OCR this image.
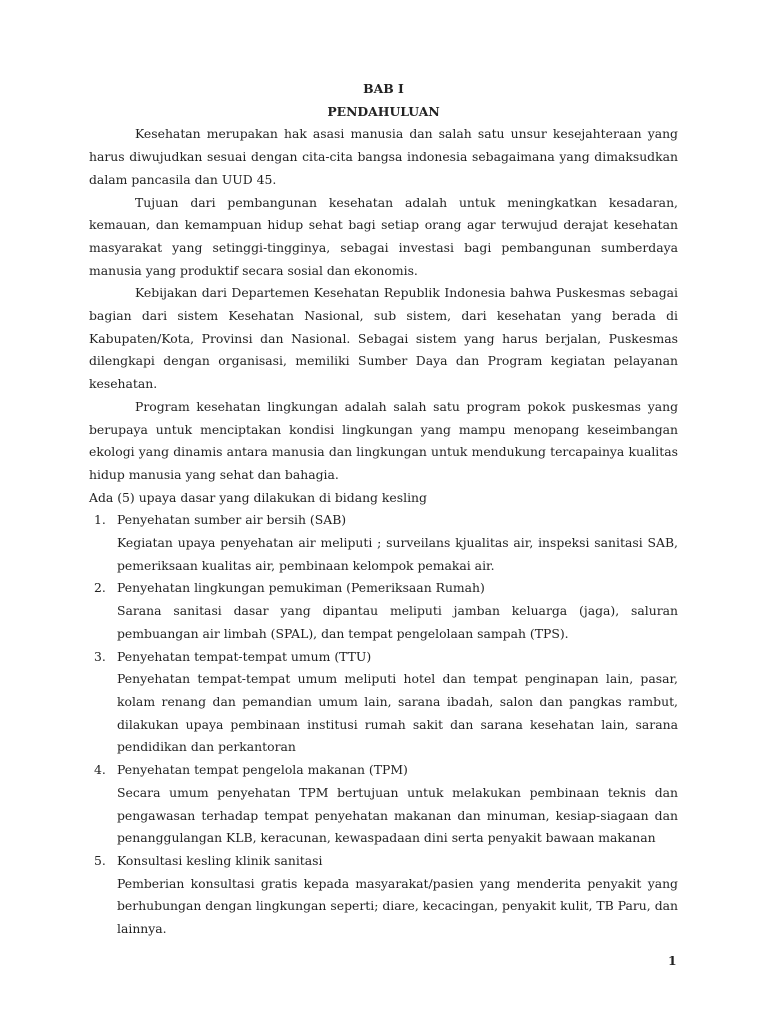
BAB I

PENDAHULUAN

Kesehatan merupakan hak asasi manusia dan salah satu unsur kesejahteraan yang harus diwujudkan sesuai dengan cita-cita bangsa indonesia sebagaimana yang dimaksudkan dalam pancasila dan UUD 45.

Tujuan dari pembangunan kesehatan adalah untuk meningkatkan kesadaran, kemauan, dan kemampuan hidup sehat bagi setiap orang agar terwujud derajat kesehatan masyarakat yang setinggi-tingginya, sebagai investasi bagi pembangunan sumberdaya manusia yang produktif secara sosial dan ekonomis.

Kebijakan dari Departemen Kesehatan Republik Indonesia bahwa Puskesmas sebagai bagian dari sistem Kesehatan Nasional, sub sistem, dari kesehatan yang berada di Kabupaten/Kota, Provinsi dan Nasional. Sebagai sistem yang harus berjalan, Puskesmas dilengkapi dengan organisasi, memiliki Sumber Daya dan Program kegiatan pelayanan kesehatan.

Program kesehatan lingkungan adalah salah satu program pokok puskesmas yang berupaya untuk menciptakan kondisi lingkungan yang mampu menopang keseimbangan ekologi yang dinamis antara manusia dan lingkungan untuk mendukung tercapainya kualitas hidup manusia yang sehat dan bahagia.

Ada (5) upaya dasar yang dilakukan di bidang kesling

1. Penyehatan sumber air bersih (SAB)

Kegiatan upaya penyehatan air meliputi ; surveilans kjualitas air, inspeksi sanitasi SAB, pemeriksaan kualitas air, pembinaan kelompok pemakai air.

2. Penyehatan lingkungan pemukiman (Pemeriksaan Rumah)

Sarana sanitasi dasar yang dipantau meliputi jamban keluarga (jaga), saluran pembuangan air limbah (SPAL), dan tempat pengelolaan sampah (TPS).

3. Penyehatan tempat-tempat umum (TTU)

Penyehatan tempat-tempat umum meliputi hotel dan tempat penginapan lain, pasar, kolam renang dan pemandian umum lain, sarana ibadah, salon dan pangkas rambut, dilakukan upaya pembinaan institusi rumah sakit dan sarana kesehatan lain, sarana pendidikan dan perkantoran

4. Penyehatan tempat pengelola makanan (TPM)

Secara umum penyehatan TPM bertujuan untuk melakukan pembinaan teknis dan pengawasan terhadap tempat penyehatan makanan dan minuman, kesiap-siagaan dan penanggulangan KLB, keracunan, kewaspadaan dini serta penyakit bawaan makanan

5. Konsultasi kesling klinik sanitasi

Pemberian konsultasi gratis kepada masyarakat/pasien yang menderita penyakit yang berhubungan dengan lingkungan seperti; diare, kecacingan, penyakit kulit, TB Paru, dan lainnya.

1
